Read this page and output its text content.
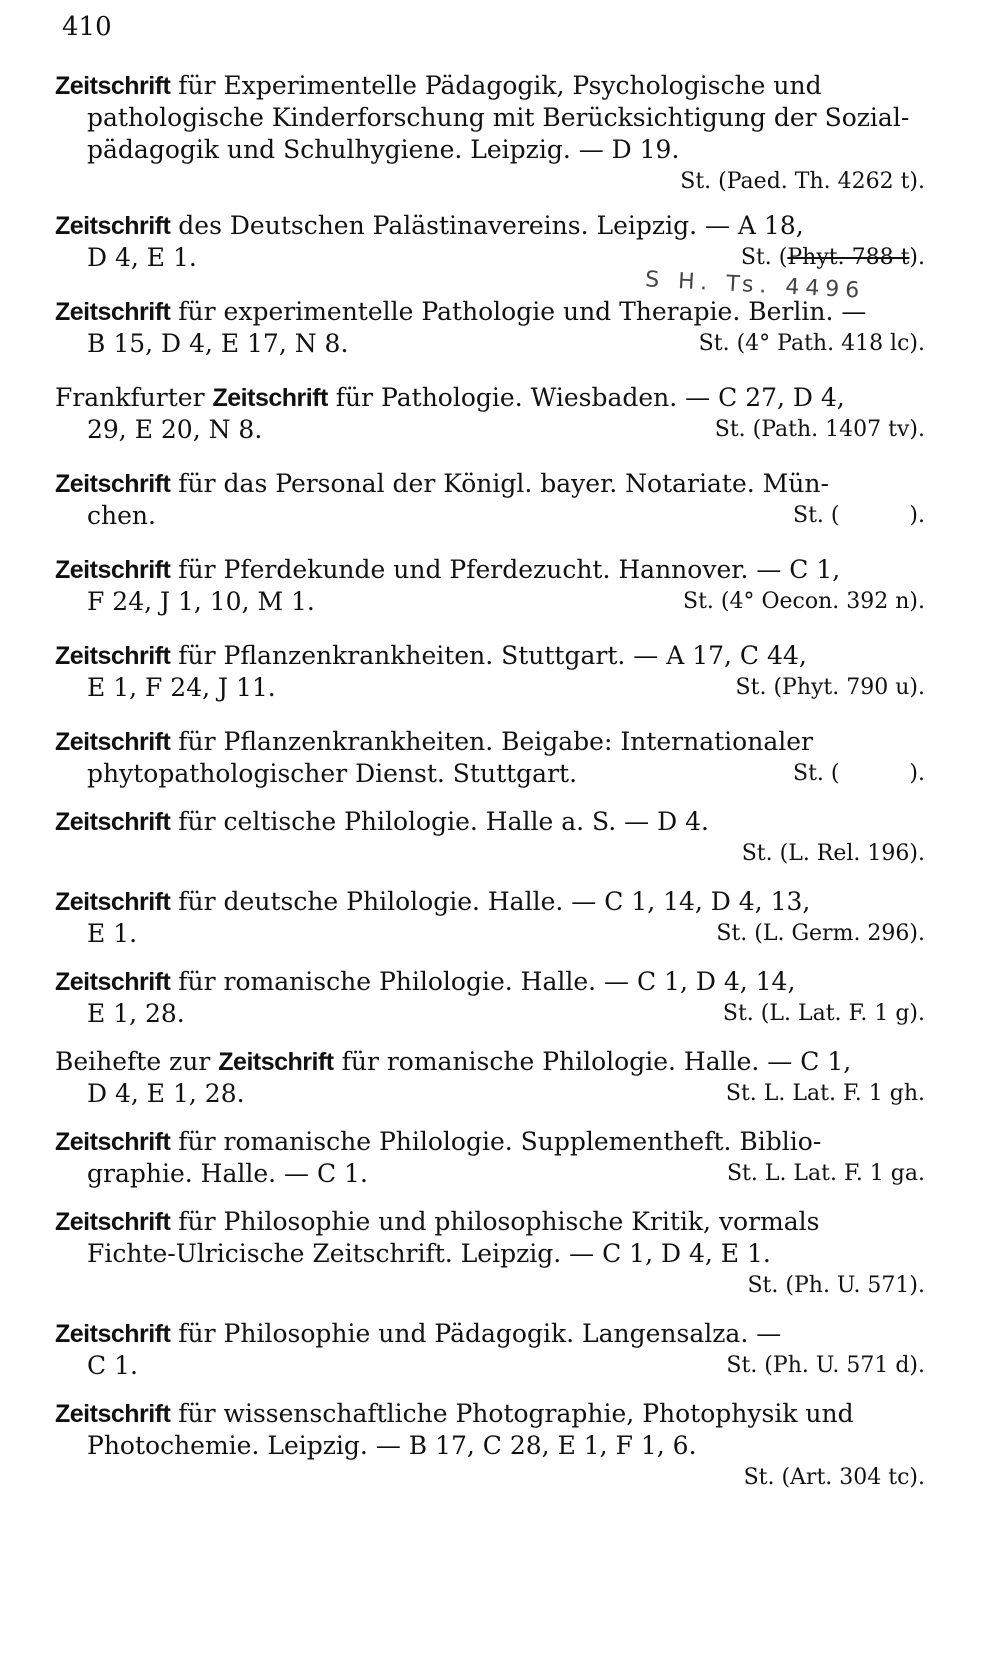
410
Zeitschrift für Experimentelle Pädagogik, Psychologische und
pathologische Kinderforschung mit Berücksichtigung der Sozial-
pädagogik und Schulhygiene. Leipzig. — D 19.
St. (Paed. Th. 4262 t).
Zeitschrift des Deutschen Palästinavereins. Leipzig. — A 18,
D 4, E 1.	St. (Phyt. 788 t).
S H. Ts. 4496
Zeitschrift für experimentelle Pathologie und Therapie. Berlin. —
B 15, D 4, E 17, N 8.	St. (4° Path. 418 lc).
Frankfurter Zeitschrift für Pathologie. Wiesbaden. — C 27, D 4,
29, E 20, N 8.	St. (Path. 1407 tv).
Zeitschrift für das Personal der Königl. bayer. Notariate. Mün-
chen.	St. (          ).
Zeitschrift für Pferdekunde und Pferdezucht. Hannover. — C 1,
F 24, J 1, 10, M 1.	St. (4° Oecon. 392 n).
Zeitschrift für Pflanzenkrankheiten. Stuttgart. — A 17, C 44,
E 1, F 24, J 11.	St. (Phyt. 790 u).
Zeitschrift für Pflanzenkrankheiten. Beigabe: Internationaler
phytopathologischer Dienst. Stuttgart.	St. (          ).
Zeitschrift für celtische Philologie. Halle a. S. — D 4.
St. (L. Rel. 196).
Zeitschrift für deutsche Philologie. Halle. — C 1, 14, D 4, 13,
E 1.	St. (L. Germ. 296).
Zeitschrift für romanische Philologie. Halle. — C 1, D 4, 14,
E 1, 28.	St. (L. Lat. F. 1 g).
Beihefte zur Zeitschrift für romanische Philologie. Halle. — C 1,
D 4, E 1, 28.	St. L. Lat. F. 1 gh.
Zeitschrift für romanische Philologie. Supplementheft. Biblio-
graphie. Halle. — C 1.	St. L. Lat. F. 1 ga.
Zeitschrift für Philosophie und philosophische Kritik, vormals
Fichte-Ulricische Zeitschrift. Leipzig. — C 1, D 4, E 1.
St. (Ph. U. 571).
Zeitschrift für Philosophie und Pädagogik. Langensalza. —
C 1.	St. (Ph. U. 571 d).
Zeitschrift für wissenschaftliche Photographie, Photophysik und
Photochemie. Leipzig. — B 17, C 28, E 1, F 1, 6.
St. (Art. 304 tc).
